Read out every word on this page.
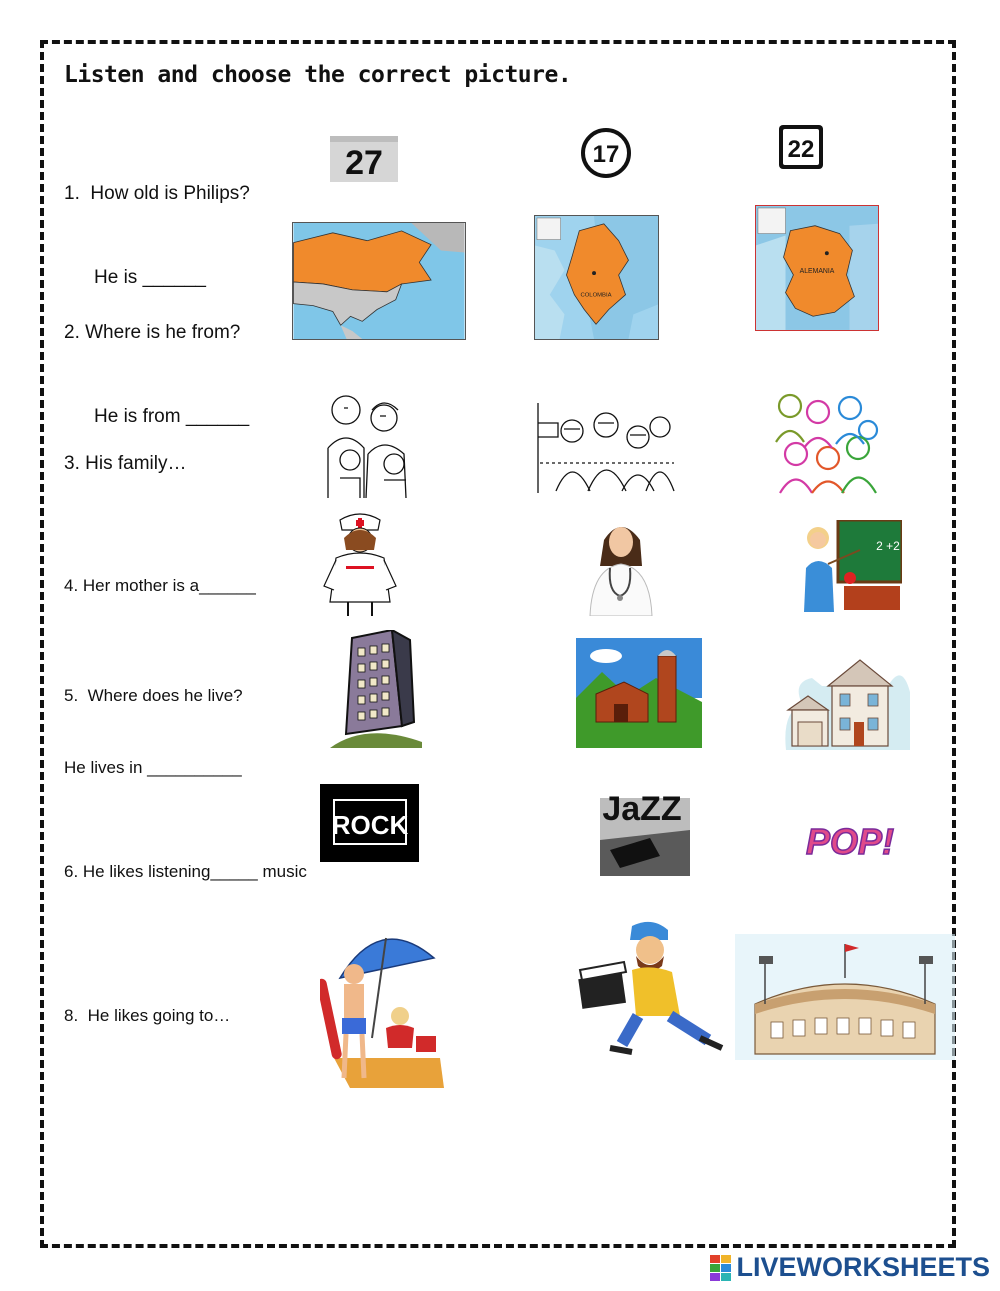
Listen and choose the correct picture.

1.  How old is Philips?

He is ______

27	17	22

2. Where is he from?

He is from ______

COLOMBIA
ALEMANIA

3. His family…

4. Her mother is a______

2 +2

5.  Where does he live?

He lives in __________

6. He likes listening_____ music

ROCK	JaZZ
POP!

8.  He likes going to…

LIVEWORKSHEETS
